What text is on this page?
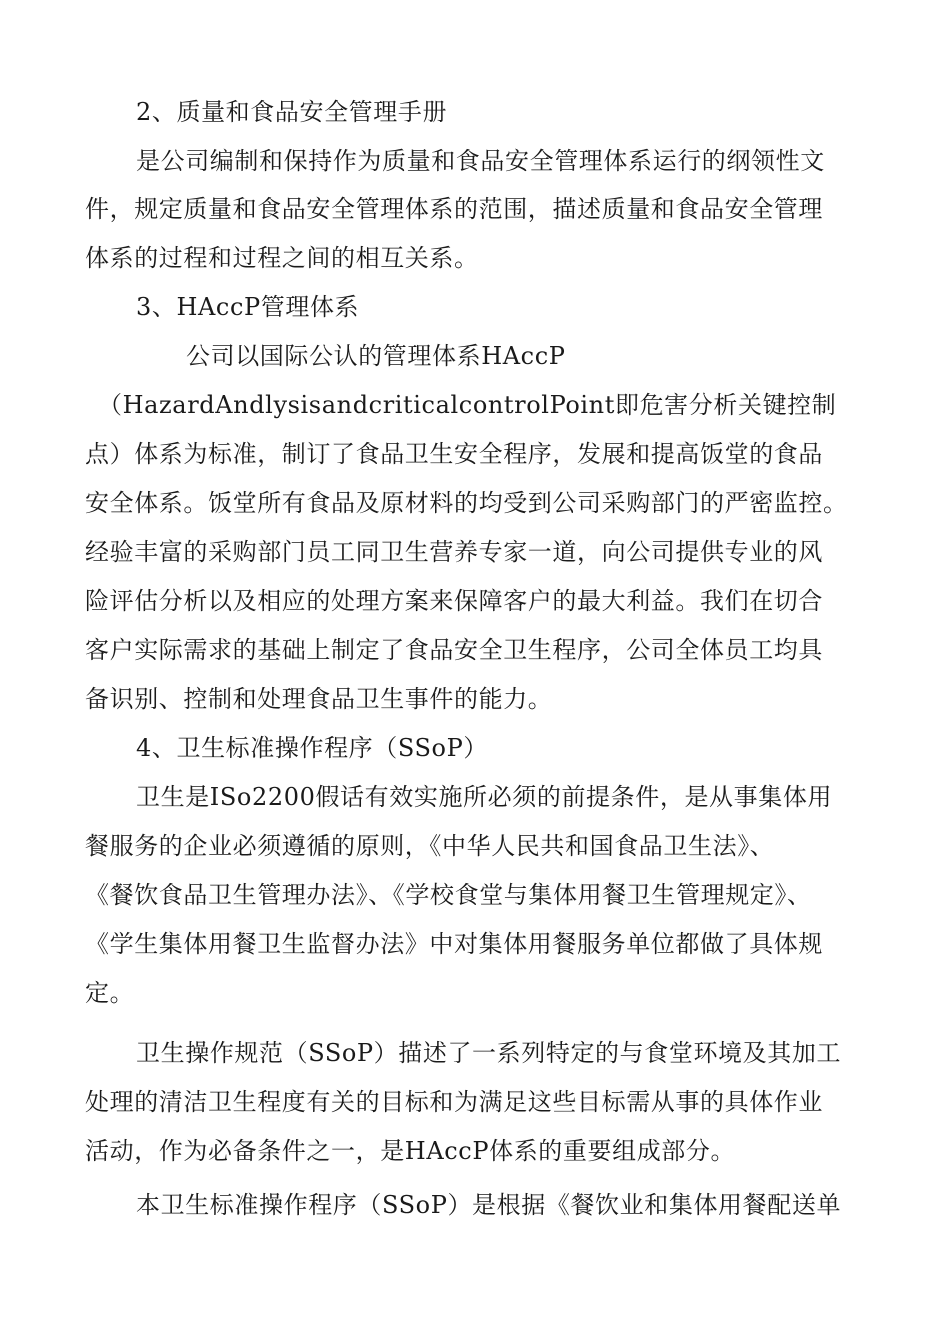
2、质量和食品安全管理手册
是公司编制和保持作为质量和食品安全管理体系运行的纲领性文
件，规定质量和食品安全管理体系的范围，描述质量和食品安全管理
体系的过程和过程之间的相互关系。
3、HAccP管理体系
公司以国际公认的管理体系HAccP
（HazardAndlysisandcriticalcontrolPoint即危害分析关键控制
点）体系为标准，制订了食品卫生安全程序，发展和提高饭堂的食品
安全体系。饭堂所有食品及原材料的均受到公司采购部门的严密监控。
经验丰富的采购部门员工同卫生营养专家一道，向公司提供专业的风
险评估分析以及相应的处理方案来保障客户的最大利益。我们在切合
客户实际需求的基础上制定了食品安全卫生程序，公司全体员工均具
备识别、控制和处理食品卫生事件的能力。
4、卫生标准操作程序（SSoP）
卫生是ISo2200假话有效实施所必须的前提条件，是从事集体用
餐服务的企业必须遵循的原则，《中华人民共和国食品卫生法》、
《餐饮食品卫生管理办法》、《学校食堂与集体用餐卫生管理规定》、
《学生集体用餐卫生监督办法》中对集体用餐服务单位都做了具体规
定。
卫生操作规范（SSoP）描述了一系列特定的与食堂环境及其加工
处理的清洁卫生程度有关的目标和为满足这些目标需从事的具体作业
活动，作为必备条件之一，是HAccP体系的重要组成部分。
本卫生标准操作程序（SSoP）是根据《餐饮业和集体用餐配送单
